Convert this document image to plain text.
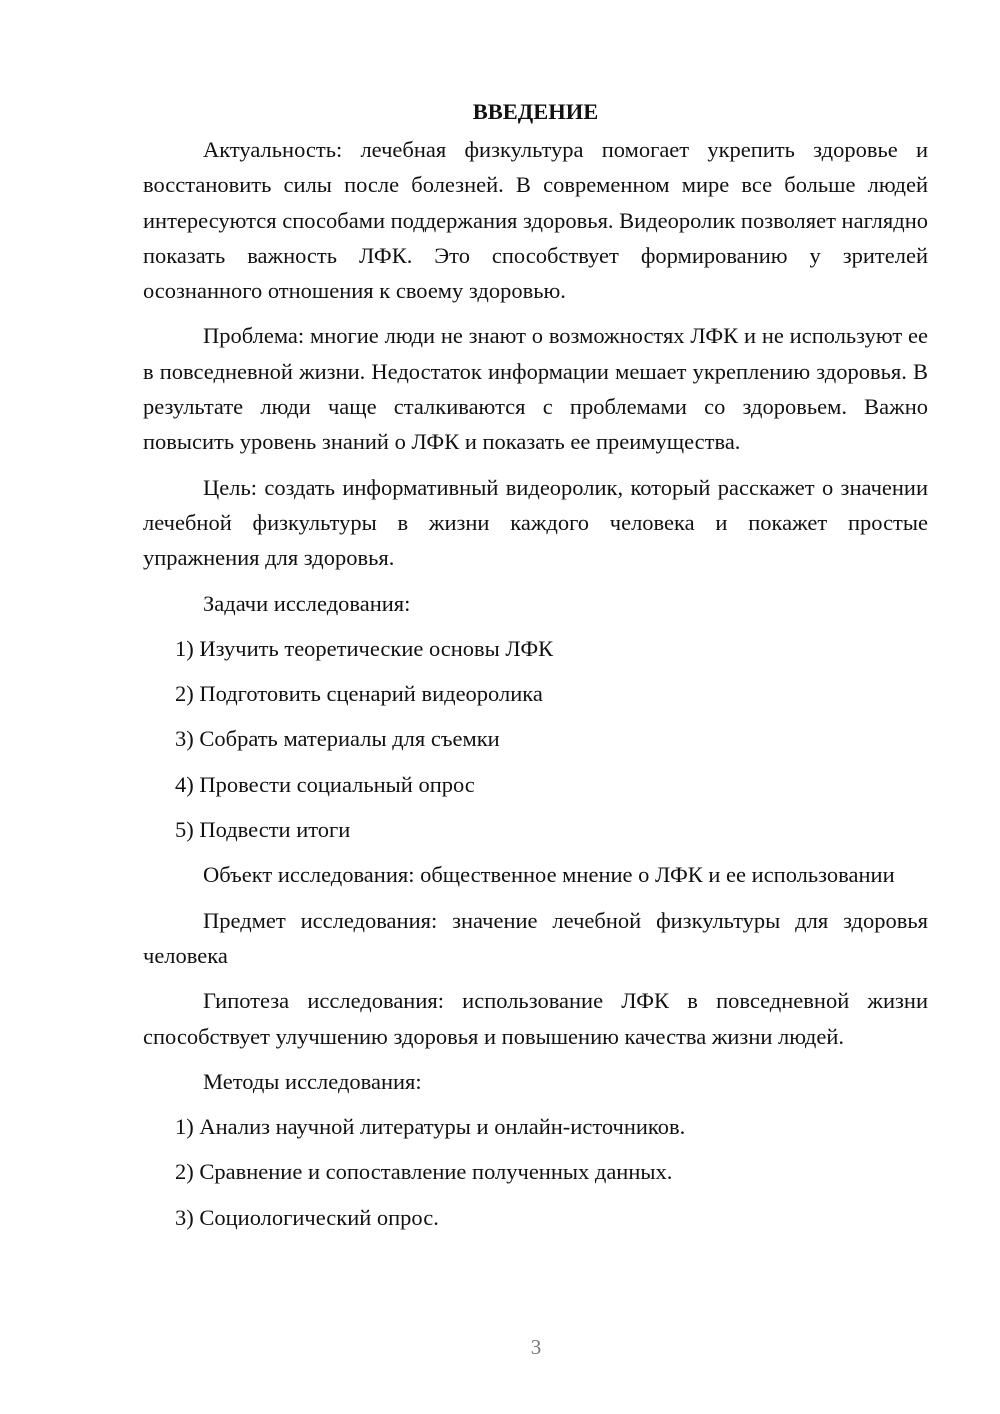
ВВЕДЕНИЕ

Актуальность: лечебная физкультура помогает укрепить здоровье и восстановить силы после болезней. В современном мире все больше людей интересуются способами поддержания здоровья. Видеоролик позволяет наглядно показать важность ЛФК. Это способствует формированию у зрителей осознанного отношения к своему здоровью.

Проблема: многие люди не знают о возможностях ЛФК и не используют ее в повседневной жизни. Недостаток информации мешает укреплению здоровья. В результате люди чаще сталкиваются с проблемами со здоровьем. Важно повысить уровень знаний о ЛФК и показать ее преимущества.

Цель: создать информативный видеоролик, который расскажет о значении лечебной физкультуры в жизни каждого человека и покажет простые упражнения для здоровья.

Задачи исследования:

1) Изучить теоретические основы ЛФК
2) Подготовить сценарий видеоролика
3) Собрать материалы для съемки
4) Провести социальный опрос
5) Подвести итоги

Объект исследования: общественное мнение о ЛФК и ее использовании

Предмет исследования: значение лечебной физкультуры для здоровья человека

Гипотеза исследования: использование ЛФК в повседневной жизни способствует улучшению здоровья и повышению качества жизни людей.

Методы исследования:

1) Анализ научной литературы и онлайн-источников.
2) Сравнение и сопоставление полученных данных.
3) Социологический опрос.
3
